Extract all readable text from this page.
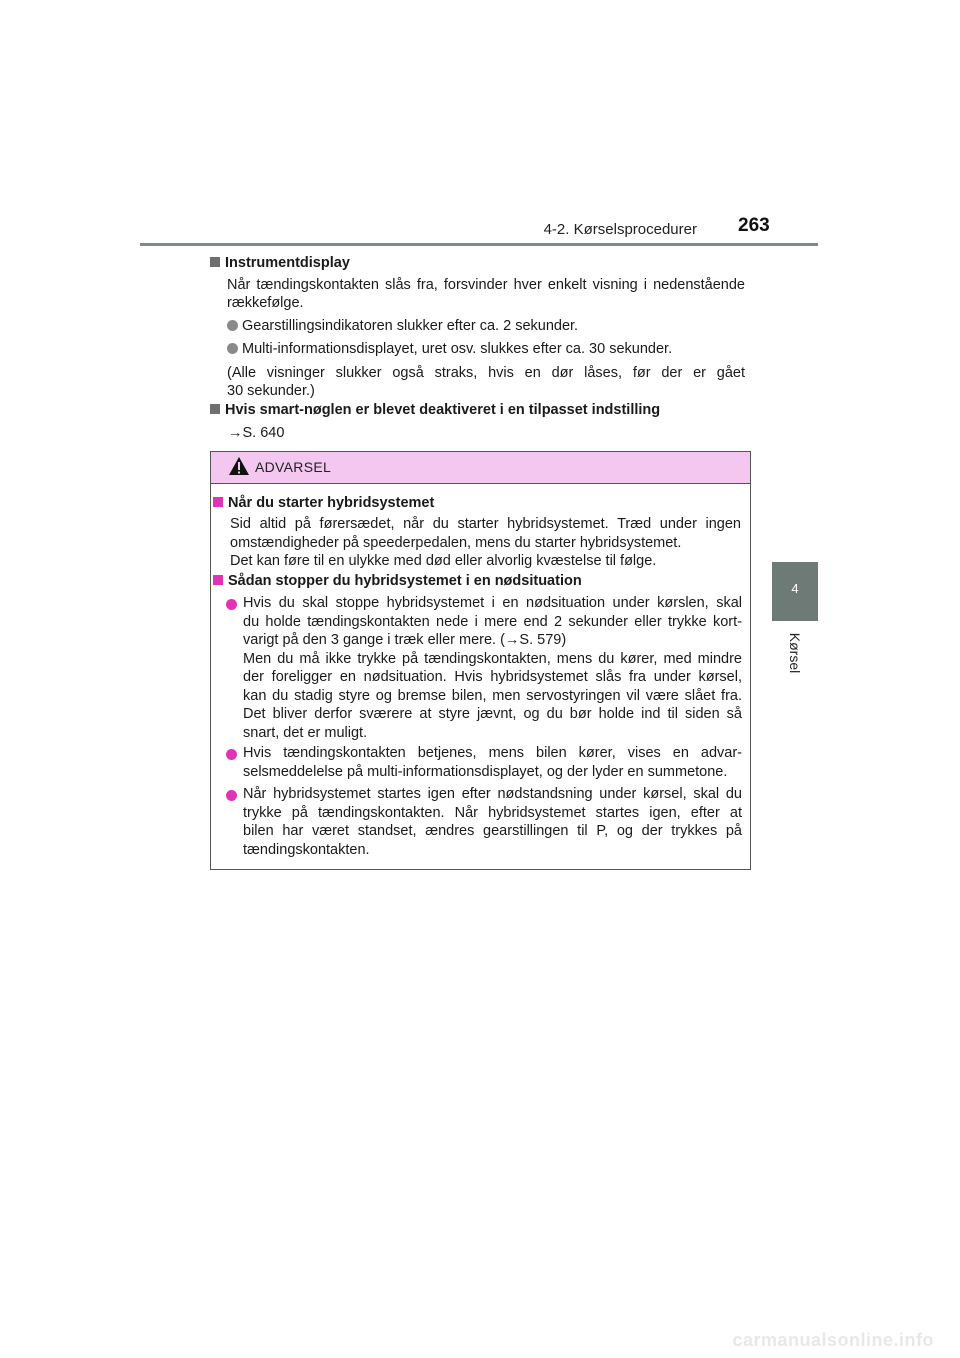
4-2. Kørselsprocedurer 263
4
Kørsel
Instrumentdisplay
Når tændingskontakten slås fra, forsvinder hver enkelt visning i nedenstående
rækkefølge.
Gearstillingsindikatoren slukker efter ca. 2 sekunder.
Multi-informationsdisplayet, uret osv. slukkes efter ca. 30 sekunder.
(Alle visninger slukker også straks, hvis en dør låses, før der er gået
30 sekunder.)
Hvis smart-nøglen er blevet deaktiveret i en tilpasset indstilling
→S. 640
ADVARSEL
Når du starter hybridsystemet
Sid altid på førersædet, når du starter hybridsystemet. Træd under ingen
omstændigheder på speederpedalen, mens du starter hybridsystemet.
Det kan føre til en ulykke med død eller alvorlig kvæstelse til følge.
Sådan stopper du hybridsystemet i en nødsituation
Hvis du skal stoppe hybridsystemet i en nødsituation under kørslen, skal
du holde tændingskontakten nede i mere end 2 sekunder eller trykke kort-
varigt på den 3 gange i træk eller mere. (→S. 579)
Men du må ikke trykke på tændingskontakten, mens du kører, med mindre
der foreligger en nødsituation. Hvis hybridsystemet slås fra under kørsel,
kan du stadig styre og bremse bilen, men servostyringen vil være slået fra.
Det bliver derfor sværere at styre jævnt, og du bør holde ind til siden så
snart, det er muligt.
Hvis tændingskontakten betjenes, mens bilen kører, vises en advar-
selsmeddelelse på multi-informationsdisplayet, og der lyder en summetone.
Når hybridsystemet startes igen efter nødstandsning under kørsel, skal du
trykke på tændingskontakten. Når hybridsystemet startes igen, efter at
bilen har været standset, ændres gearstillingen til P, og der trykkes på
tændingskontakten.
carmanualsonline.info
